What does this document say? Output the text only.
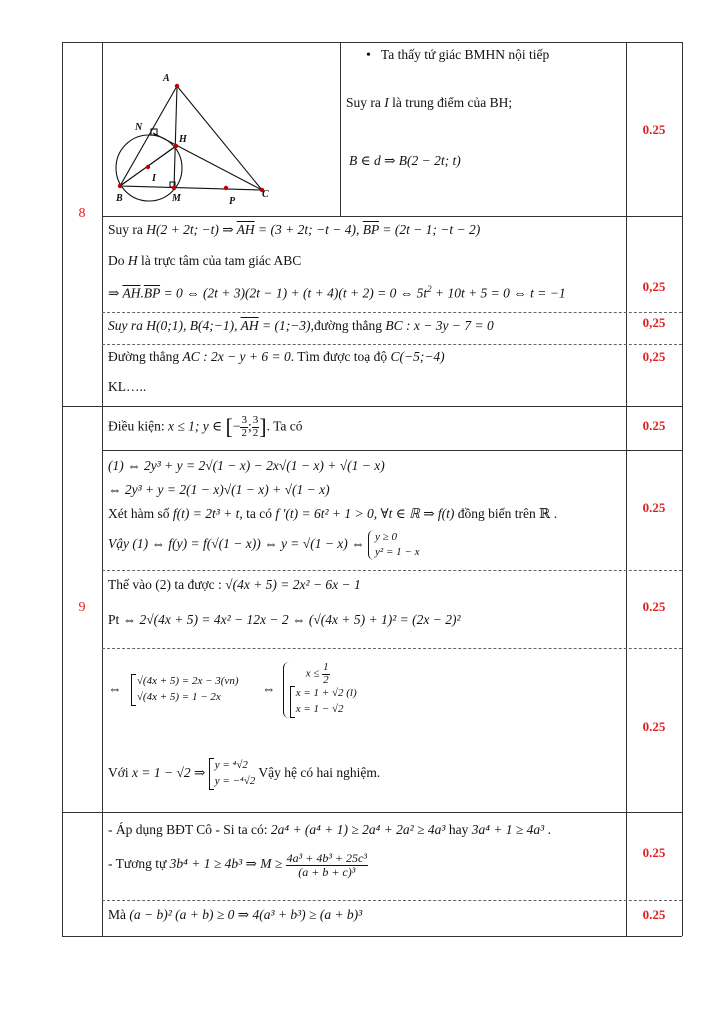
8
A
N
H
I
B	M	P
C
• Ta thấy tứ giác BMHN nội tiếp
Suy ra I là trung điểm của BH;
B ∈ d ⇒ B(2 − 2t; t)
0.25
Suy ra H(2 + 2t; −t) ⇒ $\overline{AH} = (3 + 2t$; −t − 4), $\overline{BP} = (2t - 1$; −t − 2)
Do H là trực tâm của tam giác ABC
⇒ $\overline{AH}.\overline{BP} = 0$ ⇔ (2t + 3)(2t − 1) + (t + 4)(t + 2) = 0 ⇔ $5t^2 + 10t + 5 = 0$ ⇔ t = −1	0,25
Suy ra H(0;1), B(4;−1), $\overline{AH}$ = (1;−3),đường thẳng BC : x − 3y − 7 = 0	0,25
Đường thẳng AC : 2x − y + 6 = 0. Tìm được toạ độ C(−5;−4)
KL…..
0,25
9
Điều kiện: x ≤ 1; y ∈ [− $\frac{3}{2}$ ; $\frac{3}{2}$ ]. Ta có	0.25
(1) ⇔ 2y³ + y = 2√(1 − x) − 2x√(1 − x) + √(1 − x)
⇔ 2y³ + y = 2(1 − x)√(1 − x) + √(1 − x)
Xét hàm số f(t) = 2t³ + t, ta có f '(t) = 6t² + 1 > 0, ∀t ∈ ℝ ⇒ f(t) đồng biến trên ℝ .
Vậy (1) ⇔ f(y) = f(√(1 − x)) ⇔ y = √(1 − x) ⇔ y ≥ 0
y² = 1 − x
0.25
Thế vào (2) ta được : √(4x + 5) = 2x² − 6x − 1
Pt ⇔ 2√(4x + 5) = 4x² − 12x − 2 ⇔ (√(4x + 5) + 1)² = (2x − 2)²
0.25
⇔
√(4x + 5) = 2x − 3(vn)
√(4x + 5) = 1 − 2x
⇔
$x \le \frac{1}{2}$
x = 1 + √2 (l)
x = 1 − √2
Với x = 1 − √2 ⇒
y = ⁴√2
y = −⁴√2
Vậy hệ có hai nghiệm.
0.25
- Áp dụng BĐT Cô - Si ta có: 2a⁴ + (a⁴ + 1) ≥ 2a⁴ + 2a² ≥ 4a³ hay 3a⁴ + 1 ≥ 4a³ .
- Tương tự 3b⁴ + 1 ≥ 4b³ ⇒ $M \ge \frac{\text{4a³ + 4b³ + 25c³}}{\text{(a + b + c)³}}$	0.25
Mà (a − b)² (a + b) ≥ 0 ⇒ 4(a³ + b³) ≥ (a + b)³	0.25
